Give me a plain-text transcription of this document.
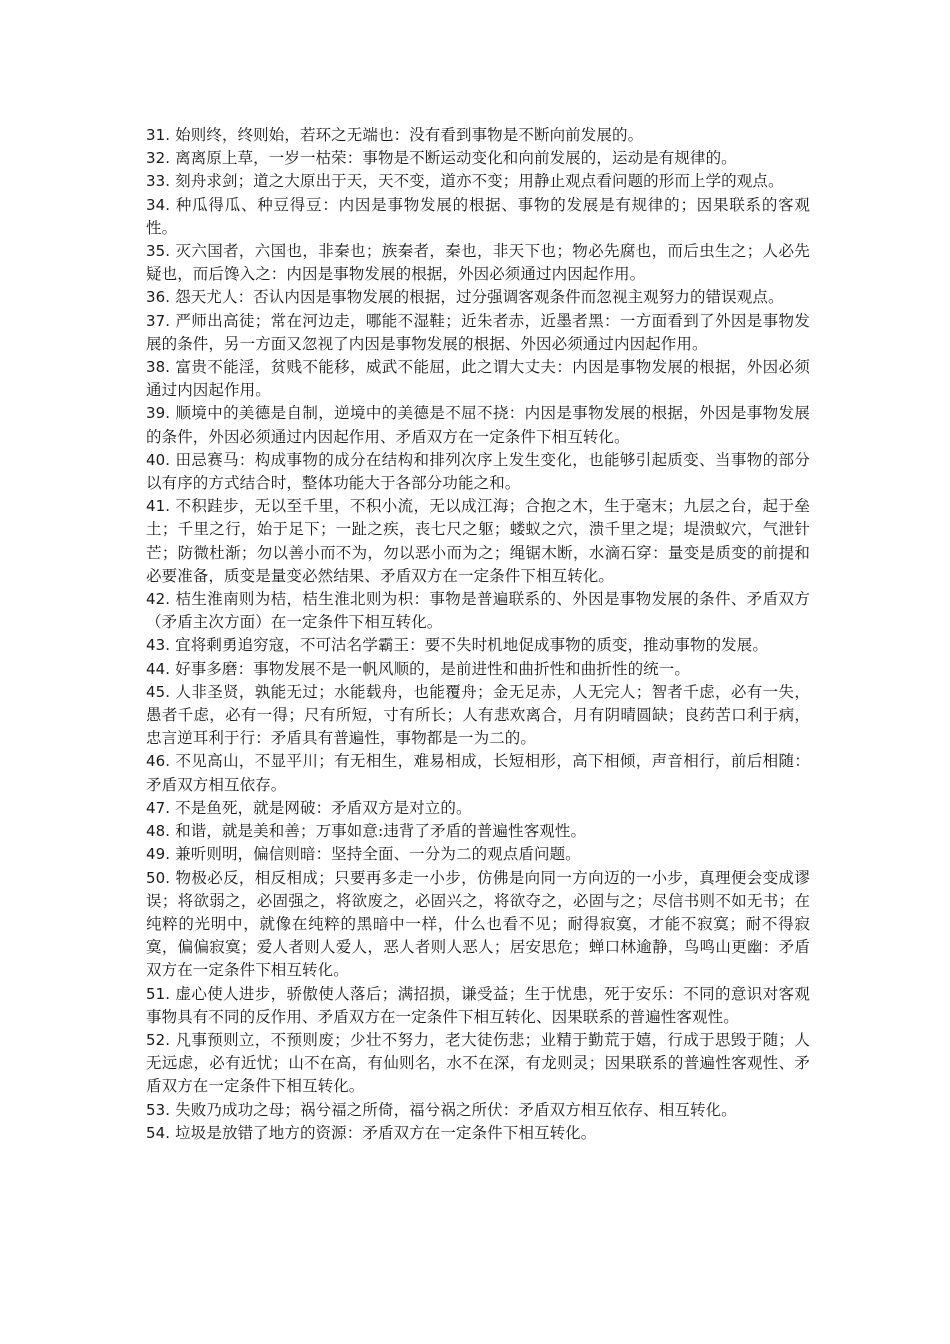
31. 始则终，终则始，若环之无端也：没有看到事物是不断向前发展的。

32. 离离原上草，一岁一枯荣：事物是不断运动变化和向前发展的，运动是有规律的。

33. 刻舟求剑；道之大原出于天，天不变，道亦不变；用静止观点看问题的形而上学的观点。

34. 种瓜得瓜、种豆得豆：内因是事物发展的根据、事物的发展是有规律的；因果联系的客观性。

35. 灭六国者，六国也，非秦也；族秦者，秦也，非天下也；物必先腐也，而后虫生之；人必先疑也，而后馋入之：内因是事物发展的根据，外因必须通过内因起作用。

36. 怨天尤人：否认内因是事物发展的根据，过分强调客观条件而忽视主观努力的错误观点。

37. 严师出高徒；常在河边走，哪能不湿鞋；近朱者赤，近墨者黑：一方面看到了外因是事物发展的条件，另一方面又忽视了内因是事物发展的根据、外因必须通过内因起作用。

38. 富贵不能淫，贫贱不能移，威武不能屈，此之谓大丈夫：内因是事物发展的根据，外因必须通过内因起作用。

39. 顺境中的美德是自制，逆境中的美德是不屈不挠：内因是事物发展的根据，外因是事物发展的条件，外因必须通过内因起作用、矛盾双方在一定条件下相互转化。

40. 田忌赛马：构成事物的成分在结构和排列次序上发生变化，也能够引起质变、当事物的部分以有序的方式结合时，整体功能大于各部分功能之和。

41. 不积跬步，无以至千里，不积小流，无以成江海；合抱之木，生于毫末；九层之台，起于垒土；千里之行，始于足下；一趾之疾，丧七尺之躯；蝼蚁之穴，溃千里之堤；堤溃蚁穴，气泄针芒；防微杜渐；勿以善小而不为，勿以恶小而为之；绳锯木断，水滴石穿：量变是质变的前提和必要准备，质变是量变必然结果、矛盾双方在一定条件下相互转化。

42. 桔生淮南则为桔，桔生淮北则为枳：事物是普遍联系的、外因是事物发展的条件、矛盾双方（矛盾主次方面）在一定条件下相互转化。

43. 宜将剩勇追穷寇，不可沽名学霸王：要不失时机地促成事物的质变，推动事物的发展。

44. 好事多磨：事物发展不是一帆风顺的，是前进性和曲折性和曲折性的统一。

45. 人非圣贤，孰能无过；水能载舟，也能覆舟；金无足赤，人无完人；智者千虑，必有一失，愚者千虑，必有一得；尺有所短，寸有所长；人有悲欢离合，月有阴晴圆缺；良药苦口利于病，忠言逆耳利于行：矛盾具有普遍性，事物都是一为二的。

46. 不见高山，不显平川；有无相生，难易相成，长短相形，高下相倾，声音相行，前后相随：矛盾双方相互依存。

47. 不是鱼死，就是网破：矛盾双方是对立的。

48. 和谐，就是美和善；万事如意:违背了矛盾的普遍性客观性。

49. 兼听则明，偏信则暗：坚持全面、一分为二的观点盾问题。

50. 物极必反，相反相成；只要再多走一小步，仿佛是向同一方向迈的一小步，真理便会变成谬误；将欲弱之，必固强之，将欲废之，必固兴之，将欲夺之，必固与之；尽信书则不如无书；在纯粹的光明中，就像在纯粹的黑暗中一样，什么也看不见；耐得寂寞，才能不寂寞；耐不得寂寞，偏偏寂寞；爱人者则人爱人，恶人者则人恶人；居安思危；蝉口林逾静，鸟鸣山更幽：矛盾双方在一定条件下相互转化。

51. 虚心使人进步，骄傲使人落后；满招损，谦受益；生于忧患，死于安乐：不同的意识对客观事物具有不同的反作用、矛盾双方在一定条件下相互转化、因果联系的普遍性客观性。

52. 凡事预则立，不预则废；少壮不努力，老大徒伤悲；业精于勤荒于嬉，行成于思毁于随；人无远虑，必有近忧；山不在高，有仙则名，水不在深，有龙则灵；因果联系的普遍性客观性、矛盾双方在一定条件下相互转化。

53. 失败乃成功之母；祸兮福之所倚，福兮祸之所伏：矛盾双方相互依存、相互转化。

54. 垃圾是放错了地方的资源：矛盾双方在一定条件下相互转化。
